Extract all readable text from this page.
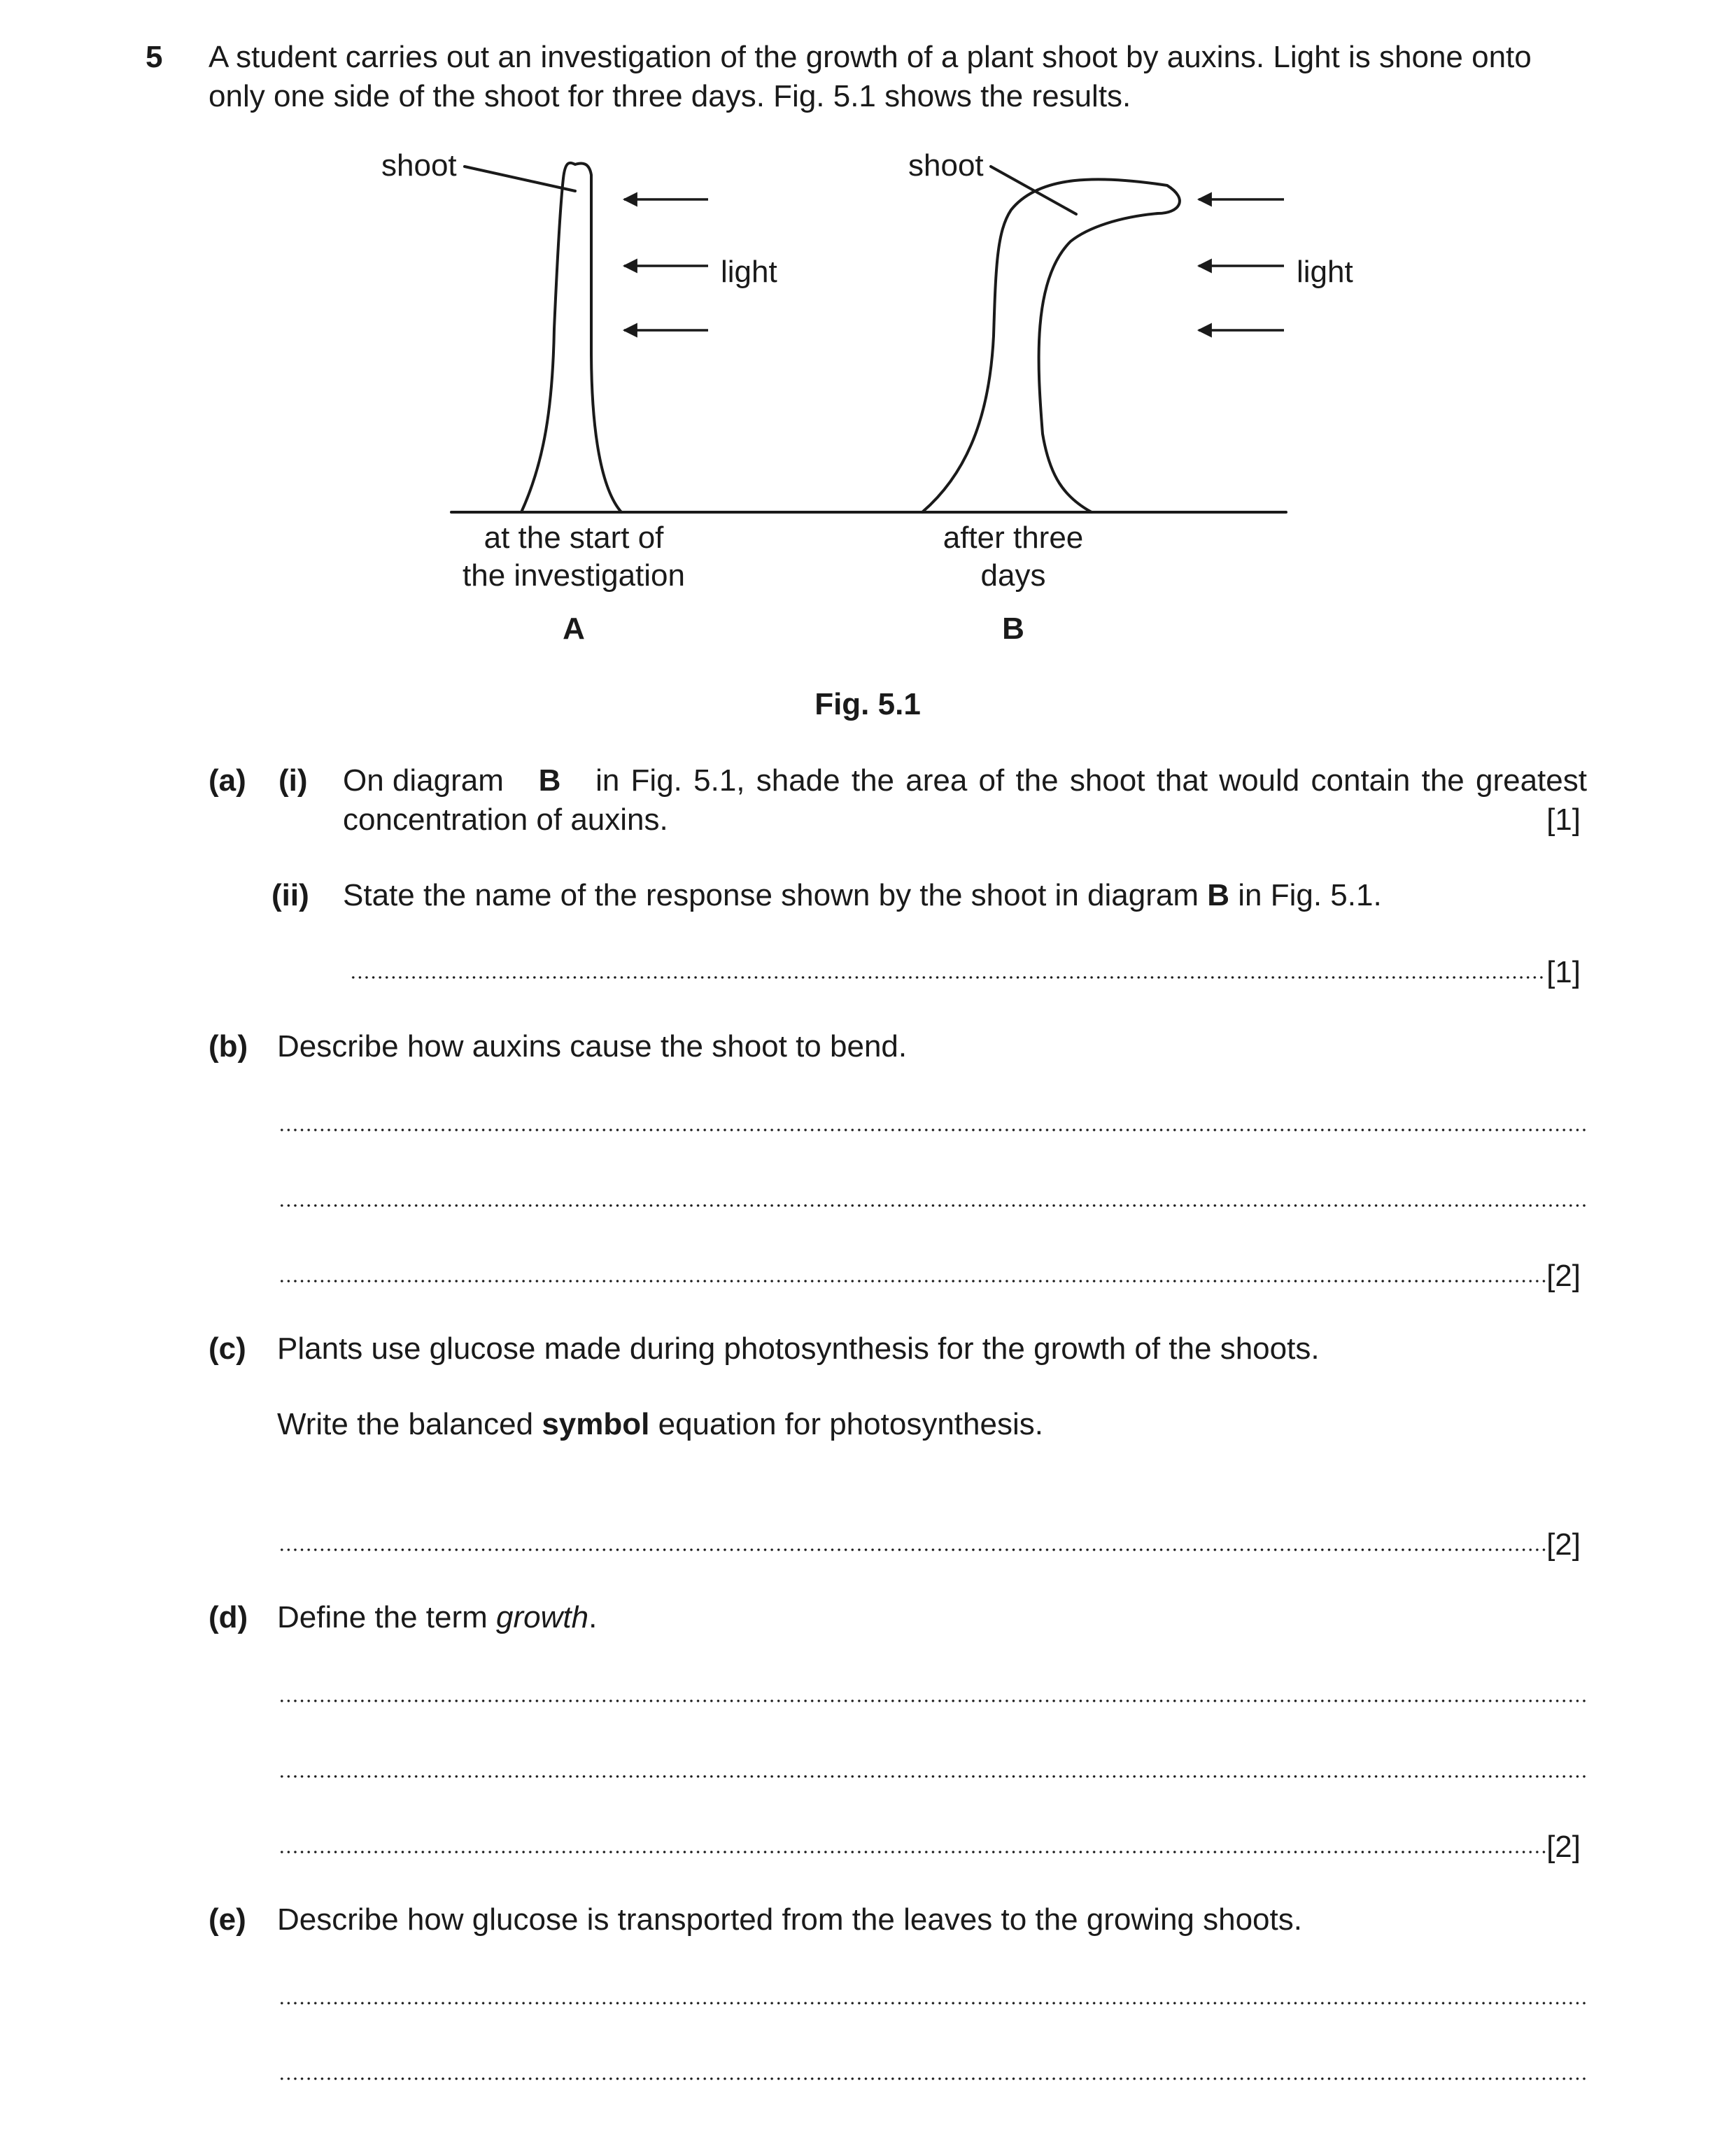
5 A student carries out an investigation of the growth of a plant shoot by auxins. Light is shone onto only one side of the shoot for three days. Fig. 5.1 shows the results.
shoot	shoot
light	light
at the start of
the investigation
A
after three
days
B
Fig. 5.1
(a) (i) On diagram B in Fig. 5.1, shade the area of the shoot that would contain the greatest
concentration of auxins.	[1]
(ii) State the name of the response shown by the shoot in diagram B in Fig. 5.1.
[1]
(b) Describe how auxins cause the shoot to bend.
[2]
(c) Plants use glucose made during photosynthesis for the growth of the shoots.
Write the balanced symbol equation for photosynthesis.
[2]
(d) Define the term growth.
[2]
(e) Describe how glucose is transported from the leaves to the growing shoots.
